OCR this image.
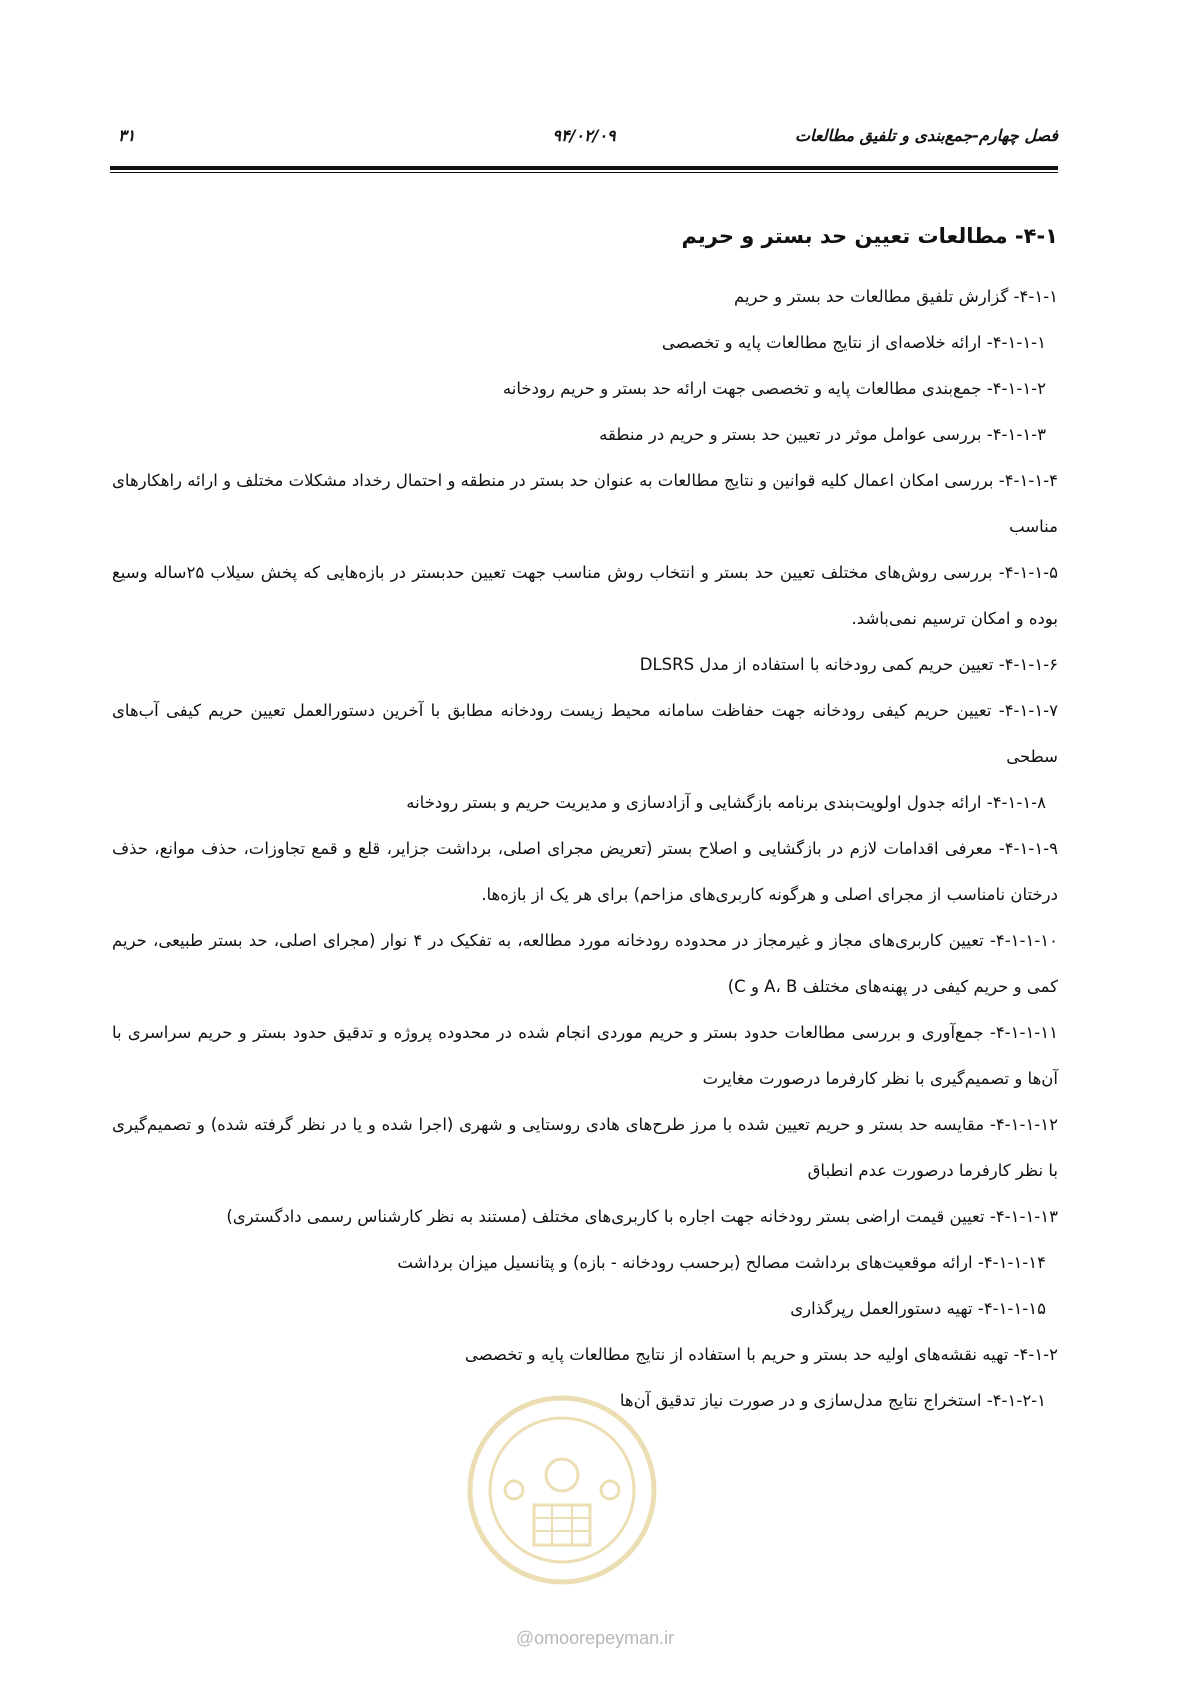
فصل چهارم-جمع‌بندی و تلفیق مطالعات
۹۴/۰۲/۰۹
۳۱
۴-۱- مطالعات تعیین حد بستر و حریم

۴-۱-۱- گزارش تلفیق مطالعات حد بستر و حریم

۴-۱-۱-۱- ارائه خلاصه‌ای از نتایج مطالعات پایه و تخصصی

۴-۱-۱-۲- جمع‌بندی مطالعات پایه و تخصصی جهت ارائه حد بستر و حریم رودخانه

۴-۱-۱-۳- بررسی عوامل موثر در تعیین حد بستر و حریم در منطقه

۴-۱-۱-۴- بررسی امکان اعمال کلیه قوانین و نتایج مطالعات به عنوان حد بستر در منطقه و احتمال رخداد مشکلات مختلف و ارائه راهکارهای مناسب

۴-۱-۱-۵- بررسی روش‌های مختلف تعیین حد بستر و انتخاب روش مناسب جهت تعیین حدبستر در بازه‌هایی که پخش سیلاب ۲۵ساله وسیع بوده و امکان ترسیم نمی‌باشد.

۴-۱-۱-۶- تعیین حریم کمی رودخانه با استفاده از مدل DLSRS

۴-۱-۱-۷- تعیین حریم کیفی رودخانه جهت حفاظت سامانه محیط زیست رودخانه مطابق با آخرین دستورالعمل تعیین حریم کیفی آب‌های سطحی

۴-۱-۱-۸- ارائه جدول اولویت‌بندی برنامه بازگشایی و آزادسازی و مدیریت حریم و بستر رودخانه

۴-۱-۱-۹- معرفی اقدامات لازم در بازگشایی و اصلاح بستر (تعریض مجرای اصلی، برداشت جزایر، قلع و قمع تجاوزات، حذف موانع، حذف درختان نامناسب از مجرای اصلی و هرگونه کاربری‌های مزاحم) برای هر یک از بازه‌ها.

۴-۱-۱-۱۰- تعیین کاربری‌های مجاز و غیرمجاز در محدوده رودخانه مورد مطالعه، به تفکیک در ۴ نوار (مجرای اصلی، حد بستر طبیعی، حریم کمی و حریم کیفی در پهنه‌های مختلف A، B و C)

۴-۱-۱-۱۱- جمع‌آوری و بررسی مطالعات حدود بستر و حریم موردی انجام شده در محدوده پروژه و تدقیق حدود بستر و حریم سراسری با آن‌ها و تصمیم‌گیری با نظر کارفرما درصورت مغایرت

۴-۱-۱-۱۲- مقایسه حد بستر و حریم تعیین شده با مرز طرح‌های هادی روستایی و شهری (اجرا شده و یا در نظر گرفته شده) و تصمیم‌گیری با نظر کارفرما درصورت عدم انطباق

۴-۱-۱-۱۳- تعیین قیمت اراضی بستر رودخانه جهت اجاره با کاربری‌های مختلف (مستند به نظر کارشناس رسمی دادگستری)

۴-۱-۱-۱۴- ارائه موقعیت‌های برداشت مصالح (برحسب رودخانه - بازه) و پتانسیل میزان برداشت

۴-۱-۱-۱۵- تهیه دستورالعمل رپرگذاری

۴-۱-۲- تهیه نقشه‌های اولیه حد بستر و حریم با استفاده از نتایج مطالعات پایه و تخصصی

۴-۱-۲-۱- استخراج نتایج مدل‌سازی و در صورت نیاز تدقیق آن‌ها

@omoorepeyman.ir
